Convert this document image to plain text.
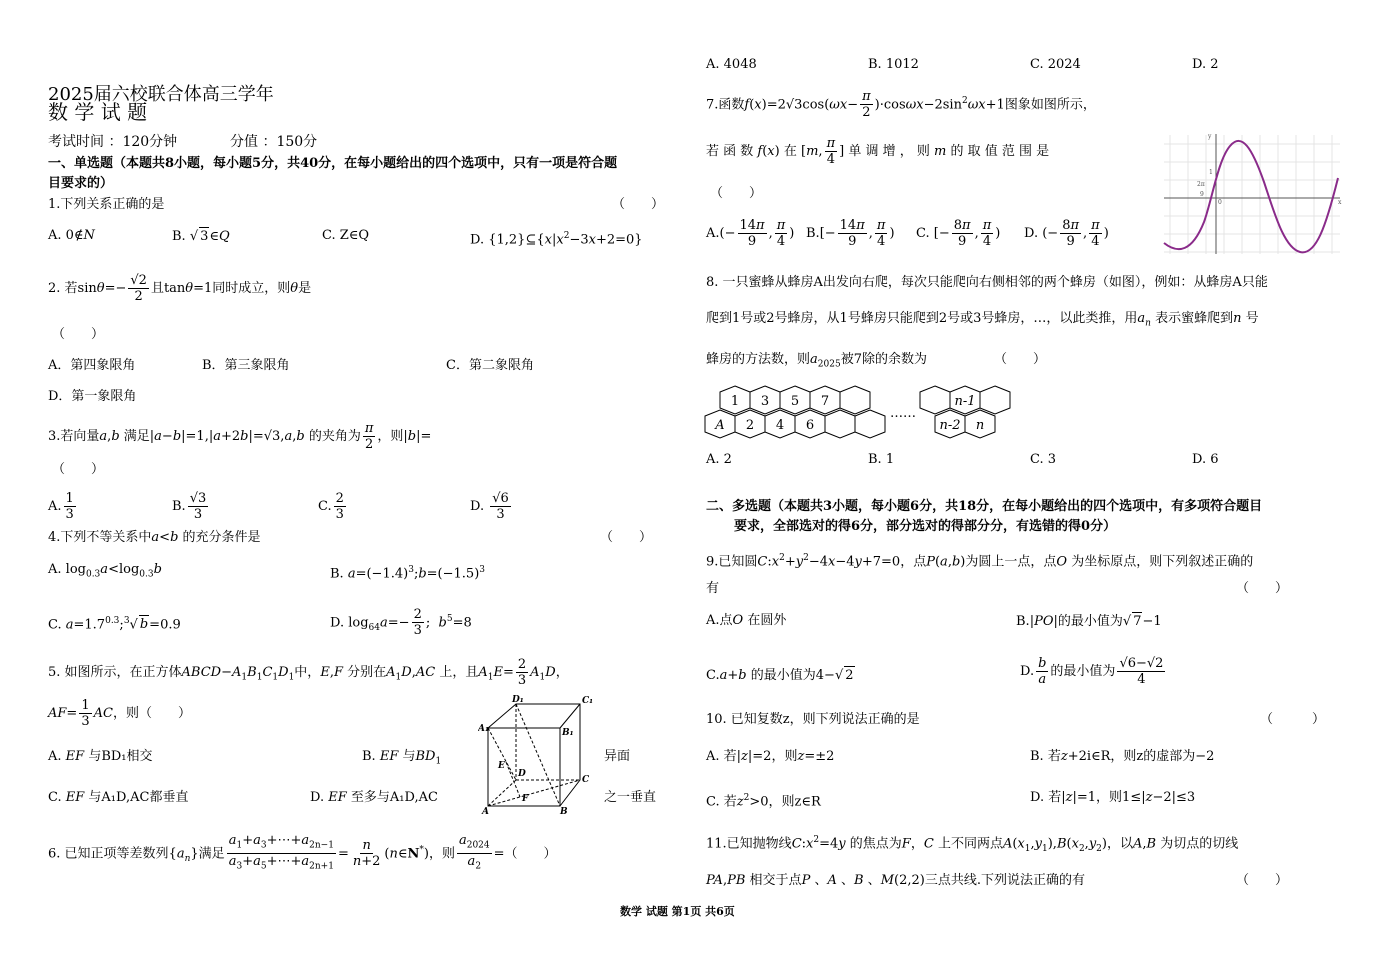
2025届六校联合体高三学年
数 学 试 题
考试时间 ：120分钟	分值 ：150分
一、单选题（本题共8小题，每小题5分，共40分，在每小题给出的四个选项中，只有一项是符合题
目要求的）
1.下列关系正确的是	（　　）
A. 0∉N	B. √ 3∈Q	C. Z∈Q	D. $\{1,2\}⊆\{x|x^2-3x+2=0\}$
2. 若$\sin\theta=- \frac{√2}{2}$ 且tanθ=1同时成立，则θ是
（　　）
A．第四象限角	B．第三象限角	C．第二象限角
D．第一象限角
3.若向量a,b 满足|a−b|=1,|a+2b|=√3,a,b 的夹角为 $\frac{\pi}{2}$ ，则|b|=
（　　）
A. $\frac{1}{3}$	B. $\frac{√3}{3}$	C. $\frac{2}{3}$	D. $\frac{√6}{3}$
4.下列不等关系中a<b 的充分条件是	（　　）
A. $\log_{0.3}a<\log_{0.3}b$	B. $a=(-1.4)^3;b=(-1.5)^3$
C. $a=1.7^{0.3};^3√$ b=0.9	D. $\log_{64}a=- \frac{2}{3}$ ;  $b^5=8$
5. 如图所示，在正方体$ABCD-A_1B_1C_1D_1$中，E,F 分别在$A_1D,AC$ 上，且$A_1E= \frac{2}{3} A_1D$，
$AF= \frac{1}{3}$ AC，则（　　）
A. EF 与BD₁相交	B. EF 与$BD_1$	异面
C. EF 与A₁D,AC都垂直	D. EF 至多与A₁D,AC	之一垂直
D₁	C₁
A₁	B₁
E
D
C
F
A	B
6. 已知正项等差数列$\{a_n\}$满足 $\frac{a_1+a_3+\cdots+a_{2n-1}}{a_3+a_5+\cdots+a_{2n+1}} = \frac{n}{n+2}$ (n∈N*)，则 $\frac{a_{2024}}{a_2}$ =（　　）
A. 4048	B. 1012	C. 2024	D. 2
7.函数$f(x)=2√3\cos(\omega x- \frac{\pi}{2} )\cdot\cos\omega x-2\sin^2\omega x+1$图象如图所示，
若 函 数 f(x) 在 [m, $\frac{\pi}{4}$ ] 单 调 增 ， 则 m 的 取 值 范 围 是
（　　）
$A.(- \frac{14\pi}{9}$ , $\frac{\pi}{4}$ ) $B.[- \frac{14\pi}{9}$ , $\frac{\pi}{4}$ ) C. [− $\frac{8\pi}{9}$ , $\frac{\pi}{4}$ ) D. (− $\frac{8\pi}{9}$ , $\frac{\pi}{4}$ )
1
2π
9
0
y
x
8. 一只蜜蜂从蜂房A出发向右爬，每次只能爬向右侧相邻的两个蜂房（如图），例如：从蜂房A只能
爬到1号或2号蜂房，从1号蜂房只能爬到2号或3号蜂房，…，以此类推，用$a_n$ 表示蜜蜂爬到n 号
蜂房的方法数，则$a_{2025}$被7除的余数为	（　　）
1 3 5 7
A 2 4 6
n-1
n-2 n
……
A. 2	B. 1	C. 3	D. 6
二、多选题（本题共3小题，每小题6分，共18分，在每小题给出的四个选项中，有多项符合题目
要求，全部选对的得6分，部分选对的得部分分，有选错的得0分）
9.已知圆$C:x^2+y^2-4x-4y+7=0$，点P(a,b)为圆上一点，点O 为坐标原点，则下列叙述正确的
有	（　　）
A.点O 在圆外	B.|PO|的最小值为√ 7−1
C.a+b 的最小值为4−√ 2	D. $\frac{b}{a}$ 的最小值为 $\frac{√6-√2}{4}$
10. 已知复数z，则下列说法正确的是	（　　　）
A. 若|z|=2，则z=±2	B. 若z+2i∈R，则z的虚部为−2
C. 若$z^2>0$，则z∈R	D. 若|z|=1，则1≤|z−2|≤3
11.已知抛物线$C:x^2=4y$ 的焦点为F，C 上不同两点$A(x_1,y_1),B(x_2,y_2)$，以A,B 为切点的切线
PA,PB 相交于点P 、A 、B 、M(2,2)三点共线.下列说法正确的有	（　　）
数学 试题 第1页 共6页
